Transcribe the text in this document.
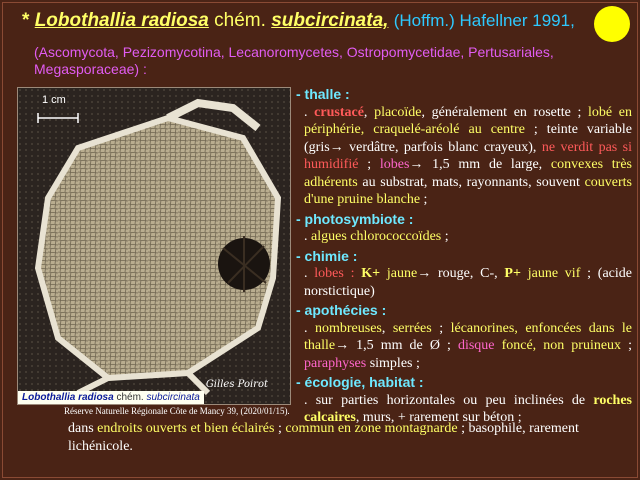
* Lobothallia radiosa chém. subcircinata, (Hoffm.) Hafellner 1991,
(Ascomycota, Pezizomycotina, Lecanoromycetes, Ostropomycetidae, Pertusariales, Megasporaceae) :
1 cm
Gilles Poirot
Lobothallia radiosa chém. subcircinata
Réserve Naturelle Régionale Côte de Mancy 39, (2020/01/15).
- thalle :
. crustacé, placoïde, généralement en rosette ; lobé en périphérie, craquelé-aréolé au centre ; teinte variable (gris→ verdâtre, parfois blanc crayeux), ne verdit pas si humidifié ; lobes→ 1,5 mm de large, convexes très adhérents au substrat, mats, rayonnants, souvent couverts d'une pruine blanche ;
- photosymbiote :
. algues chlorococcoïdes ;
- chimie :
. lobes : K+ jaune→ rouge, C-, P+ jaune vif ; (acide norstictique)
- apothécies :
. nombreuses, serrées ; lécanorines, enfoncées dans le thalle→ 1,5 mm de Ø ; disque foncé, non pruineux ; paraphyses simples ;
- écologie, habitat :
. sur parties horizontales ou peu inclinées de roches calcaires, murs, + rarement sur béton ;
dans endroits ouverts et bien éclairés ; commun en zone montagnarde ; basophile, rarement lichénicole.
